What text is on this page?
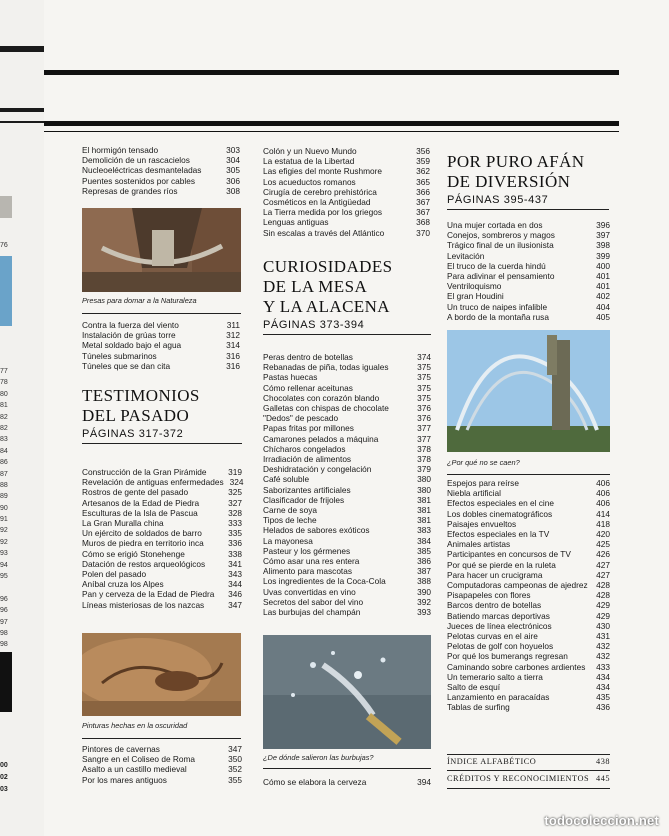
76
77
78
80
81
82
82
83
84
86
87
88
89
90
91
92
92
93
94
95
96
96
97
98
98
00
02
03
El hormigón tensado	303
Demolición de un rascacielos	304
Nucleoeléctricas desmanteladas	305
Puentes sostenidos por cables	306
Represas de grandes ríos	308
Presas para domar a la Naturaleza
Contra la fuerza del viento	311
Instalación de grúas torre	312
Metal soldado bajo el agua	314
Túneles submarinos	316
Túneles que se dan cita	316
TESTIMONIOS
DEL PASADO
PÁGINAS 317-372
Construcción de la Gran Pirámide	319
Revelación de antiguas enfermedades 324
Rostros de gente del pasado	325
Artesanos de la Edad de Piedra	327
Esculturas de la Isla de Pascua	328
La Gran Muralla china	333
Un ejército de soldados de barro	335
Muros de piedra en territorio inca	336
Cómo se erigió Stonehenge	338
Datación de restos arqueológicos	341
Polen del pasado	343
Aníbal cruza los Alpes	344
Pan y cerveza de la Edad de Piedra	346
Líneas misteriosas de los nazcas	347
Pinturas hechas en la oscuridad
Pintores de cavernas	347
Sangre en el Coliseo de Roma	350
Asalto a un castillo medieval	352
Por los mares antiguos	355
Colón y un Nuevo Mundo	356
La estatua de la Libertad	359
Las efigies del monte Rushmore	362
Los acueductos romanos	365
Cirugía de cerebro prehistórica	366
Cosméticos en la Antigüedad	367
La Tierra medida por los griegos	367
Lenguas antiguas	368
Sin escalas a través del Atlántico	370
CURIOSIDADES
DE LA MESA
Y LA ALACENA
PÁGINAS 373-394
Peras dentro de botellas	374
Rebanadas de piña, todas iguales	375
Pastas huecas	375
Cómo rellenar aceitunas	375
Chocolates con corazón blando	375
Galletas con chispas de chocolate	376
"Dedos" de pescado	376
Papas fritas por millones	377
Camarones pelados a máquina	377
Chícharos congelados	378
Irradiación de alimentos	378
Deshidratación y congelación	379
Café soluble	380
Saborizantes artificiales	380
Clasificador de frijoles	381
Carne de soya	381
Tipos de leche	381
Helados de sabores exóticos	383
La mayonesa	384
Pasteur y los gérmenes	385
Cómo asar una res entera	386
Alimento para mascotas	387
Los ingredientes de la Coca-Cola	388
Uvas convertidas en vino	390
Secretos del sabor del vino	392
Las burbujas del champán	393
¿De dónde salieron las burbujas?
Cómo se elabora la cerveza	394
POR PURO AFÁN
DE DIVERSIÓN
PÁGINAS 395-437
Una mujer cortada en dos	396
Conejos, sombreros y magos	397
Trágico final de un ilusionista	398
Levitación	399
El truco de la cuerda hindú	400
Para adivinar el pensamiento	401
Ventriloquismo	401
El gran Houdini	402
Un truco de naipes infalible	404
A bordo de la montaña rusa	405
¿Por qué no se caen?
Espejos para reírse	406
Niebla artificial	406
Efectos especiales en el cine	406
Los dobles cinematográficos	414
Paisajes envueltos	418
Efectos especiales en la TV	420
Animales artistas	425
Participantes en concursos de TV	426
Por qué se pierde en la ruleta	427
Para hacer un crucigrama	427
Computadoras campeonas de ajedrez	428
Pisapapeles con flores	428
Barcos dentro de botellas	429
Batiendo marcas deportivas	429
Jueces de línea electrónicos	430
Pelotas curvas en el aire	431
Pelotas de golf con hoyuelos	432
Por qué los bumerangs regresan	432
Caminando sobre carbones ardientes	433
Un temerario salto a tierra	434
Salto de esquí	434
Lanzamiento en paracaídas	435
Tablas de surfing	436
ÍNDICE ALFABÉTICO	438
CRÉDITOS Y RECONOCIMIENTOS 445
todocoleccion.net
